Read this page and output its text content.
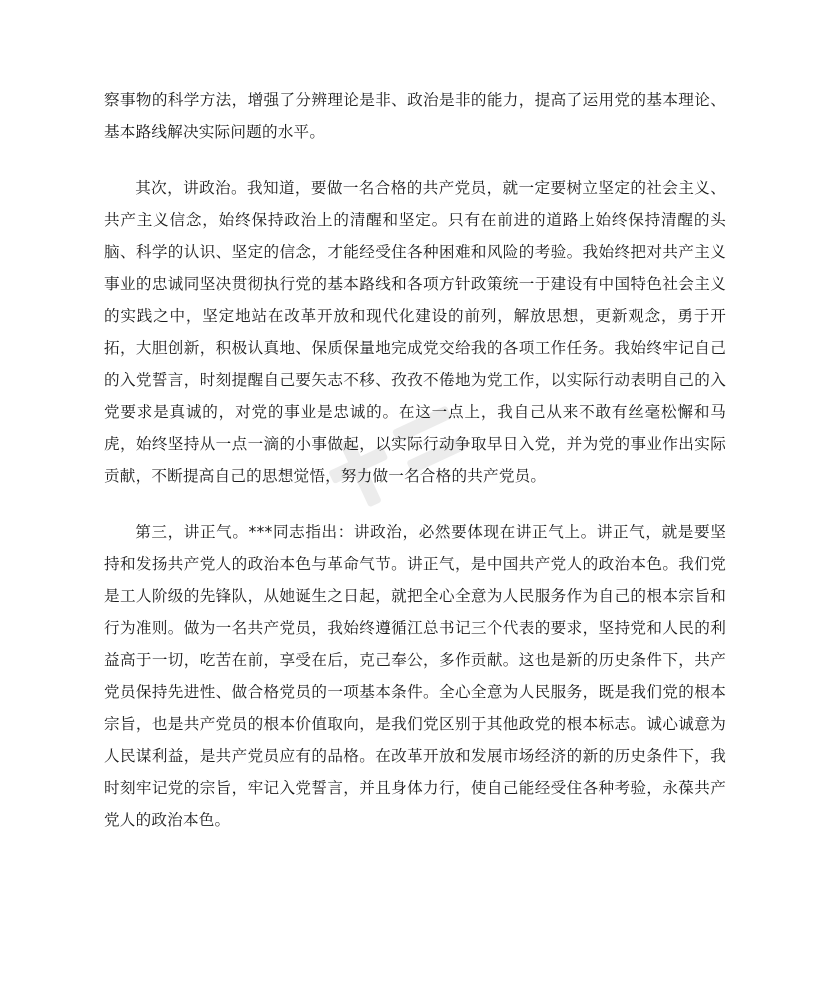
察事物的科学方法，增强了分辨理论是非、政治是非的能力，提高了运用党的基本理论、基本路线解决实际问题的水平。

其次，讲政治。我知道，要做一名合格的共产党员，就一定要树立坚定的社会主义、共产主义信念，始终保持政治上的清醒和坚定。只有在前进的道路上始终保持清醒的头脑、科学的认识、坚定的信念，才能经受住各种困难和风险的考验。我始终把对共产主义事业的忠诚同坚决贯彻执行党的基本路线和各项方针政策统一于建设有中国特色社会主义的实践之中，坚定地站在改革开放和现代化建设的前列，解放思想，更新观念，勇于开拓，大胆创新，积极认真地、保质保量地完成党交给我的各项工作任务。我始终牢记自己的入党誓言，时刻提醒自己要矢志不移、孜孜不倦地为党工作，以实际行动表明自己的入党要求是真诚的，对党的事业是忠诚的。在这一点上，我自己从来不敢有丝毫松懈和马虎，始终坚持从一点一滴的小事做起，以实际行动争取早日入党，并为党的事业作出实际贡献，不断提高自己的思想觉悟，努力做一名合格的共产党员。

第三，讲正气。***同志指出：讲政治，必然要体现在讲正气上。讲正气，就是要坚持和发扬共产党人的政治本色与革命气节。讲正气，是中国共产党人的政治本色。我们党是工人阶级的先锋队，从她诞生之日起，就把全心全意为人民服务作为自己的根本宗旨和行为准则。做为一名共产党员，我始终遵循江总书记三个代表的要求，坚持党和人民的利益高于一切，吃苦在前，享受在后，克己奉公，多作贡献。这也是新的历史条件下，共产党员保持先进性、做合格党员的一项基本条件。全心全意为人民服务，既是我们党的根本宗旨，也是共产党员的根本价值取向，是我们党区别于其他政党的根本标志。诚心诚意为人民谋利益，是共产党员应有的品格。在改革开放和发展市场经济的新的历史条件下，我时刻牢记党的宗旨，牢记入党誓言，并且身体力行，使自己能经受住各种考验，永葆共产党人的政治本色。
